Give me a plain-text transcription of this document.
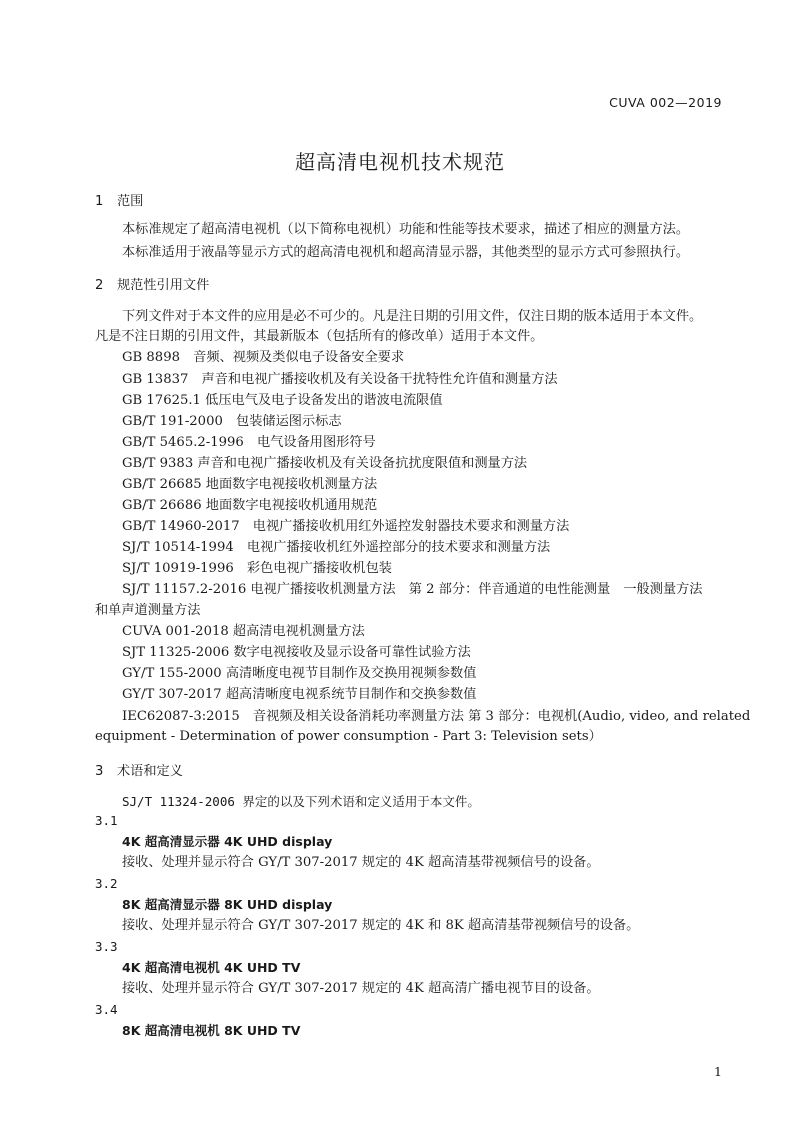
CUVA 002—2019
超高清电视机技术规范
1 范围
本标准规定了超高清电视机（以下简称电视机）功能和性能等技术要求，描述了相应的测量方法。
本标准适用于液晶等显示方式的超高清电视机和超高清显示器，其他类型的显示方式可参照执行。
2 规范性引用文件
下列文件对于本文件的应用是必不可少的。凡是注日期的引用文件，仅注日期的版本适用于本文件。
凡是不注日期的引用文件，其最新版本（包括所有的修改单）适用于本文件。
GB 8898　音频、视频及类似电子设备安全要求
GB 13837　声音和电视广播接收机及有关设备干扰特性允许值和测量方法
GB 17625.1 低压电气及电子设备发出的谐波电流限值
GB/T 191-2000　包装储运图示标志
GB/T 5465.2-1996　电气设备用图形符号
GB/T 9383 声音和电视广播接收机及有关设备抗扰度限值和测量方法
GB/T 26685 地面数字电视接收机测量方法
GB/T 26686 地面数字电视接收机通用规范
GB/T 14960-2017　电视广播接收机用红外遥控发射器技术要求和测量方法
SJ/T 10514-1994　电视广播接收机红外遥控部分的技术要求和测量方法
SJ/T 10919-1996　彩色电视广播接收机包装
SJ/T 11157.2-2016 电视广播接收机测量方法　第 2 部分：伴音通道的电性能测量　一般测量方法
和单声道测量方法
CUVA 001-2018 超高清电视机测量方法
SJT 11325-2006 数字电视接收及显示设备可靠性试验方法
GY/T 155-2000 高清晰度电视节目制作及交换用视频参数值
GY/T 307-2017 超高清晰度电视系统节目制作和交换参数值
IEC62087-3:2015　音视频及相关设备消耗功率测量方法 第 3 部分：电视机(Audio, video, and related
equipment - Determination of power consumption - Part 3: Television sets）
3 术语和定义
SJ/T 11324-2006 界定的以及下列术语和定义适用于本文件。
3.1
4K 超高清显示器 4K UHD display
接收、处理并显示符合 GY/T 307-2017 规定的 4K 超高清基带视频信号的设备。
3.2
8K 超高清显示器 8K UHD display
接收、处理并显示符合 GY/T 307-2017 规定的 4K 和 8K 超高清基带视频信号的设备。
3.3
4K 超高清电视机 4K UHD TV
接收、处理并显示符合 GY/T 307-2017 规定的 4K 超高清广播电视节目的设备。
3.4
8K 超高清电视机 8K UHD TV
1
